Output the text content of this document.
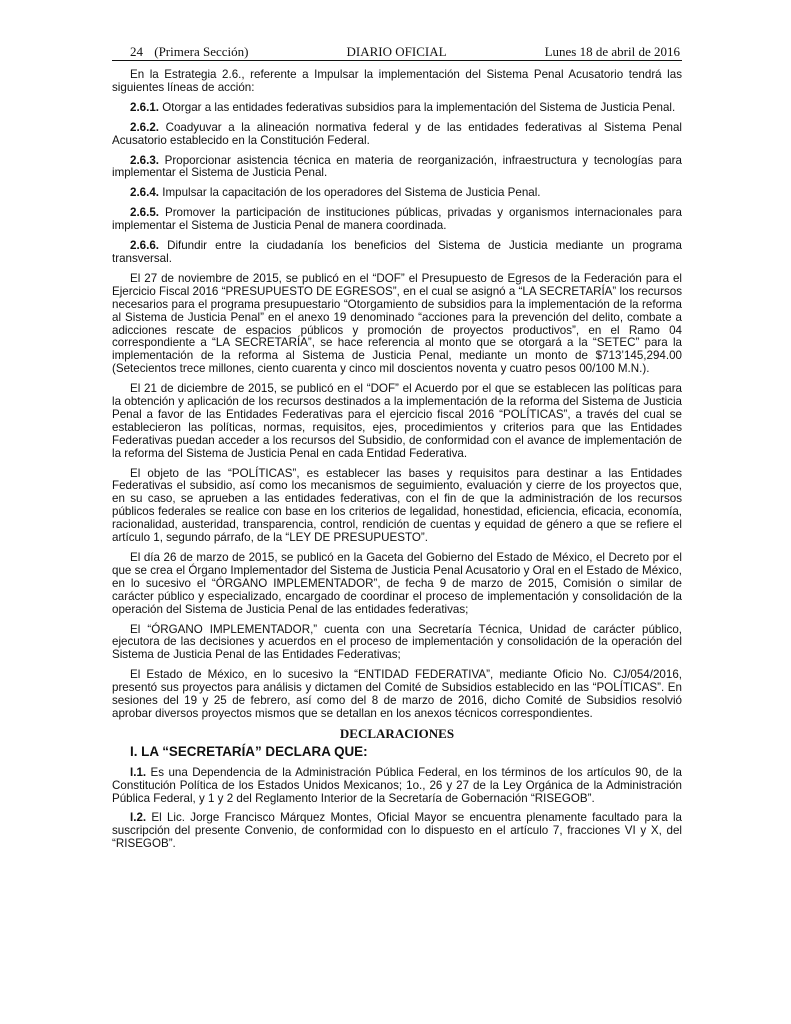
24 (Primera Sección)	DIARIO OFICIAL	Lunes 18 de abril de 2016

En la Estrategia 2.6., referente a Impulsar la implementación del Sistema Penal Acusatorio tendrá las siguientes líneas de acción:

2.6.1. Otorgar a las entidades federativas subsidios para la implementación del Sistema de Justicia Penal.

2.6.2. Coadyuvar a la alineación normativa federal y de las entidades federativas al Sistema Penal Acusatorio establecido en la Constitución Federal.

2.6.3. Proporcionar asistencia técnica en materia de reorganización, infraestructura y tecnologías para implementar el Sistema de Justicia Penal.

2.6.4. Impulsar la capacitación de los operadores del Sistema de Justicia Penal.

2.6.5. Promover la participación de instituciones públicas, privadas y organismos internacionales para implementar el Sistema de Justicia Penal de manera coordinada.

2.6.6. Difundir entre la ciudadanía los beneficios del Sistema de Justicia mediante un programa transversal.

El 27 de noviembre de 2015, se publicó en el “DOF” el Presupuesto de Egresos de la Federación para el Ejercicio Fiscal 2016 “PRESUPUESTO DE EGRESOS”, en el cual se asignó a “LA SECRETARÍA” los recursos necesarios para el programa presupuestario “Otorgamiento de subsidios para la implementación de la reforma al Sistema de Justicia Penal” en el anexo 19 denominado “acciones para la prevención del delito, combate a adicciones rescate de espacios públicos y promoción de proyectos productivos”, en el Ramo 04 correspondiente a “LA SECRETARÍA”, se hace referencia al monto que se otorgará a la “SETEC” para la implementación de la reforma al Sistema de Justicia Penal, mediante un monto de $713’145,294.00 (Setecientos trece millones, ciento cuarenta y cinco mil doscientos noventa y cuatro pesos 00/100 M.N.).

El 21 de diciembre de 2015, se publicó en el “DOF” el Acuerdo por el que se establecen las políticas para la obtención y aplicación de los recursos destinados a la implementación de la reforma del Sistema de Justicia Penal a favor de las Entidades Federativas para el ejercicio fiscal 2016 “POLÍTICAS”, a través del cual se establecieron las políticas, normas, requisitos, ejes, procedimientos y criterios para que las Entidades Federativas puedan acceder a los recursos del Subsidio, de conformidad con el avance de implementación de la reforma del Sistema de Justicia Penal en cada Entidad Federativa.

El objeto de las “POLÍTICAS”, es establecer las bases y requisitos para destinar a las Entidades Federativas el subsidio, así como los mecanismos de seguimiento, evaluación y cierre de los proyectos que, en su caso, se aprueben a las entidades federativas, con el fin de que la administración de los recursos públicos federales se realice con base en los criterios de legalidad, honestidad, eficiencia, eficacia, economía, racionalidad, austeridad, transparencia, control, rendición de cuentas y equidad de género a que se refiere el artículo 1, segundo párrafo, de la “LEY DE PRESUPUESTO”.

El día 26 de marzo de 2015, se publicó en la Gaceta del Gobierno del Estado de México, el Decreto por el que se crea el Órgano Implementador del Sistema de Justicia Penal Acusatorio y Oral en el Estado de México, en lo sucesivo el “ÓRGANO IMPLEMENTADOR”, de fecha 9 de marzo de 2015, Comisión o similar de carácter público y especializado, encargado de coordinar el proceso de implementación y consolidación de la operación del Sistema de Justicia Penal de las entidades federativas;

El “ÓRGANO IMPLEMENTADOR,” cuenta con una Secretaría Técnica, Unidad de carácter público, ejecutora de las decisiones y acuerdos en el proceso de implementación y consolidación de la operación del Sistema de Justicia Penal de las Entidades Federativas;

El Estado de México, en lo sucesivo la “ENTIDAD FEDERATIVA”, mediante Oficio No. CJ/054/2016, presentó sus proyectos para análisis y dictamen del Comité de Subsidios establecido en las “POLÍTICAS”. En sesiones del 19 y 25 de febrero, así como del 8 de marzo de 2016, dicho Comité de Subsidios resolvió aprobar diversos proyectos mismos que se detallan en los anexos técnicos correspondientes.

DECLARACIONES
I. LA “SECRETARÍA” DECLARA QUE:

I.1. Es una Dependencia de la Administración Pública Federal, en los términos de los artículos 90, de la Constitución Política de los Estados Unidos Mexicanos; 1o., 26 y 27 de la Ley Orgánica de la Administración Pública Federal, y 1 y 2 del Reglamento Interior de la Secretaría de Gobernación “RISEGOB”.

I.2. El Lic. Jorge Francisco Márquez Montes, Oficial Mayor se encuentra plenamente facultado para la suscripción del presente Convenio, de conformidad con lo dispuesto en el artículo 7, fracciones VI y X, del “RISEGOB”.
